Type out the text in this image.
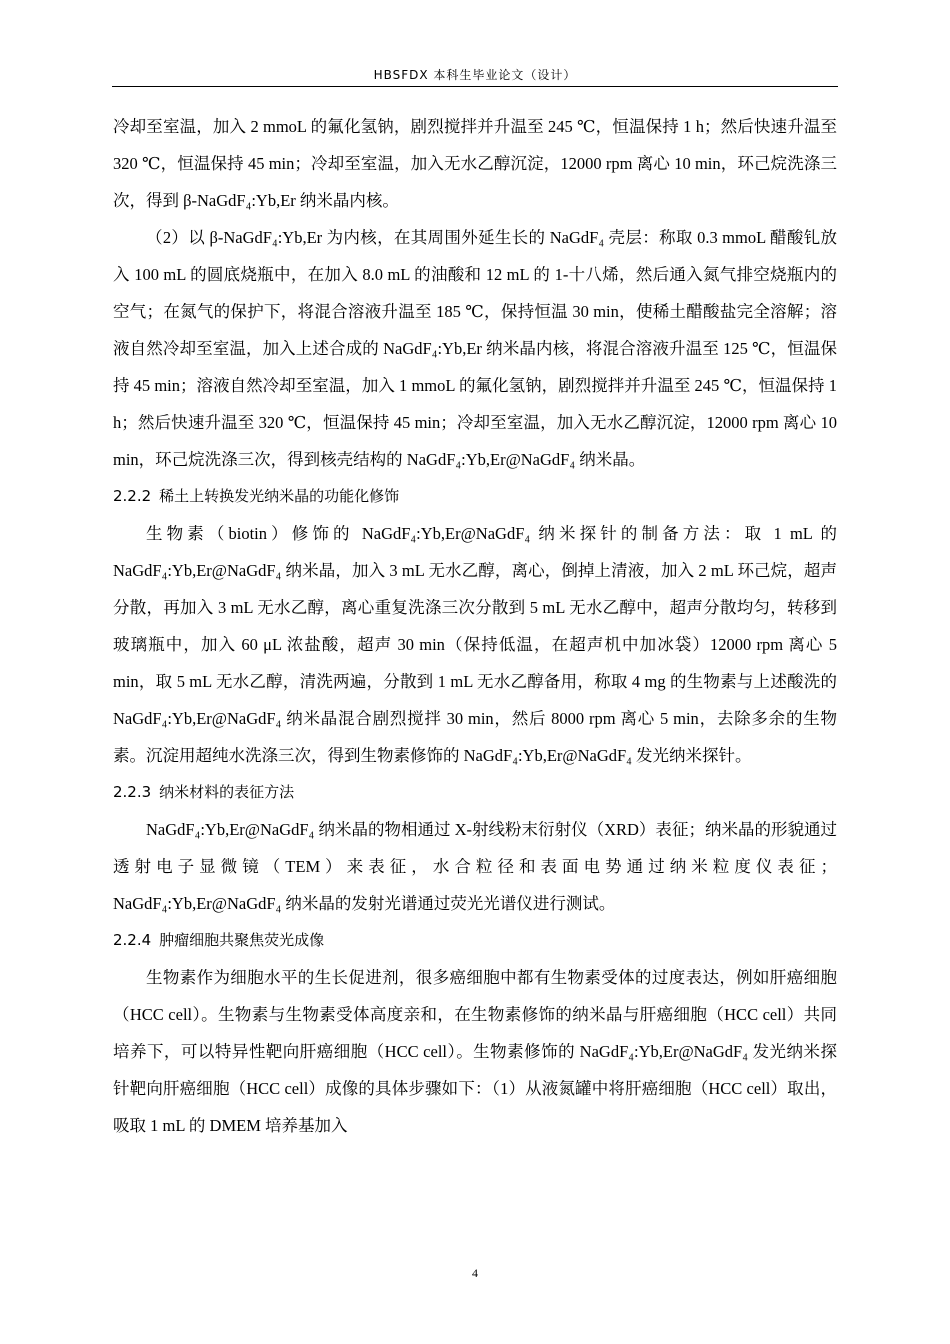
HBSFDX 本科生毕业论文（设计）

冷却至室温，加入 2 mmoL 的氟化氢钠，剧烈搅拌并升温至 245 ℃，恒温保持 1 h；然后快速升温至 320 ℃，恒温保持 45 min；冷却至室温，加入无水乙醇沉淀，12000 rpm 离心 10 min，环己烷洗涤三次，得到 β-NaGdF₄:Yb,Er 纳米晶内核。

（2）以 β-NaGdF₄:Yb,Er 为内核，在其周围外延生长的 NaGdF₄ 壳层：称取 0.3 mmoL 醋酸钆放入 100 mL 的圆底烧瓶中，在加入 8.0 mL 的油酸和 12 mL 的 1-十八烯，然后通入氮气排空烧瓶内的空气；在氮气的保护下，将混合溶液升温至 185 ℃，保持恒温 30 min，使稀土醋酸盐完全溶解；溶液自然冷却至室温，加入上述合成的 NaGdF₄:Yb,Er 纳米晶内核，将混合溶液升温至 125 ℃，恒温保持 45 min；溶液自然冷却至室温，加入 1 mmoL 的氟化氢钠，剧烈搅拌并升温至 245 ℃，恒温保持 1 h；然后快速升温至 320 ℃，恒温保持 45 min；冷却至室温，加入无水乙醇沉淀，12000 rpm 离心 10 min，环己烷洗涤三次，得到核壳结构的 NaGdF₄:Yb,Er@NaGdF₄ 纳米晶。

2.2.2 稀土上转换发光纳米晶的功能化修饰

生物素（biotin）修饰的 NaGdF₄:Yb,Er@NaGdF₄ 纳米探针的制备方法：取 1 mL 的 NaGdF₄:Yb,Er@NaGdF₄ 纳米晶，加入 3 mL 无水乙醇，离心，倒掉上清液，加入 2 mL 环己烷，超声分散，再加入 3 mL 无水乙醇，离心重复洗涤三次分散到 5 mL 无水乙醇中，超声分散均匀，转移到玻璃瓶中，加入 60 μL 浓盐酸，超声 30 min（保持低温，在超声机中加冰袋）12000 rpm 离心 5 min，取 5 mL 无水乙醇，清洗两遍，分散到 1 mL 无水乙醇备用，称取 4 mg 的生物素与上述酸洗的 NaGdF₄:Yb,Er@NaGdF₄ 纳米晶混合剧烈搅拌 30 min，然后 8000 rpm 离心 5 min，去除多余的生物素。沉淀用超纯水洗涤三次，得到生物素修饰的 NaGdF₄:Yb,Er@NaGdF₄ 发光纳米探针。

2.2.3 纳米材料的表征方法

NaGdF₄:Yb,Er@NaGdF₄ 纳米晶的物相通过 X-射线粉末衍射仪（XRD）表征；纳米晶的形貌通过透射电子显微镜（TEM）来表征，水合粒径和表面电势通过纳米粒度仪表征；NaGdF₄:Yb,Er@NaGdF₄ 纳米晶的发射光谱通过荧光光谱仪进行测试。

2.2.4 肿瘤细胞共聚焦荧光成像

生物素作为细胞水平的生长促进剂，很多癌细胞中都有生物素受体的过度表达，例如肝癌细胞（HCC cell）。生物素与生物素受体高度亲和，在生物素修饰的纳米晶与肝癌细胞（HCC cell）共同培养下，可以特异性靶向肝癌细胞（HCC cell）。生物素修饰的 NaGdF₄:Yb,Er@NaGdF₄ 发光纳米探针靶向肝癌细胞（HCC cell）成像的具体步骤如下：（1）从液氮罐中将肝癌细胞（HCC cell）取出，吸取 1 mL 的 DMEM 培养基加入

4
